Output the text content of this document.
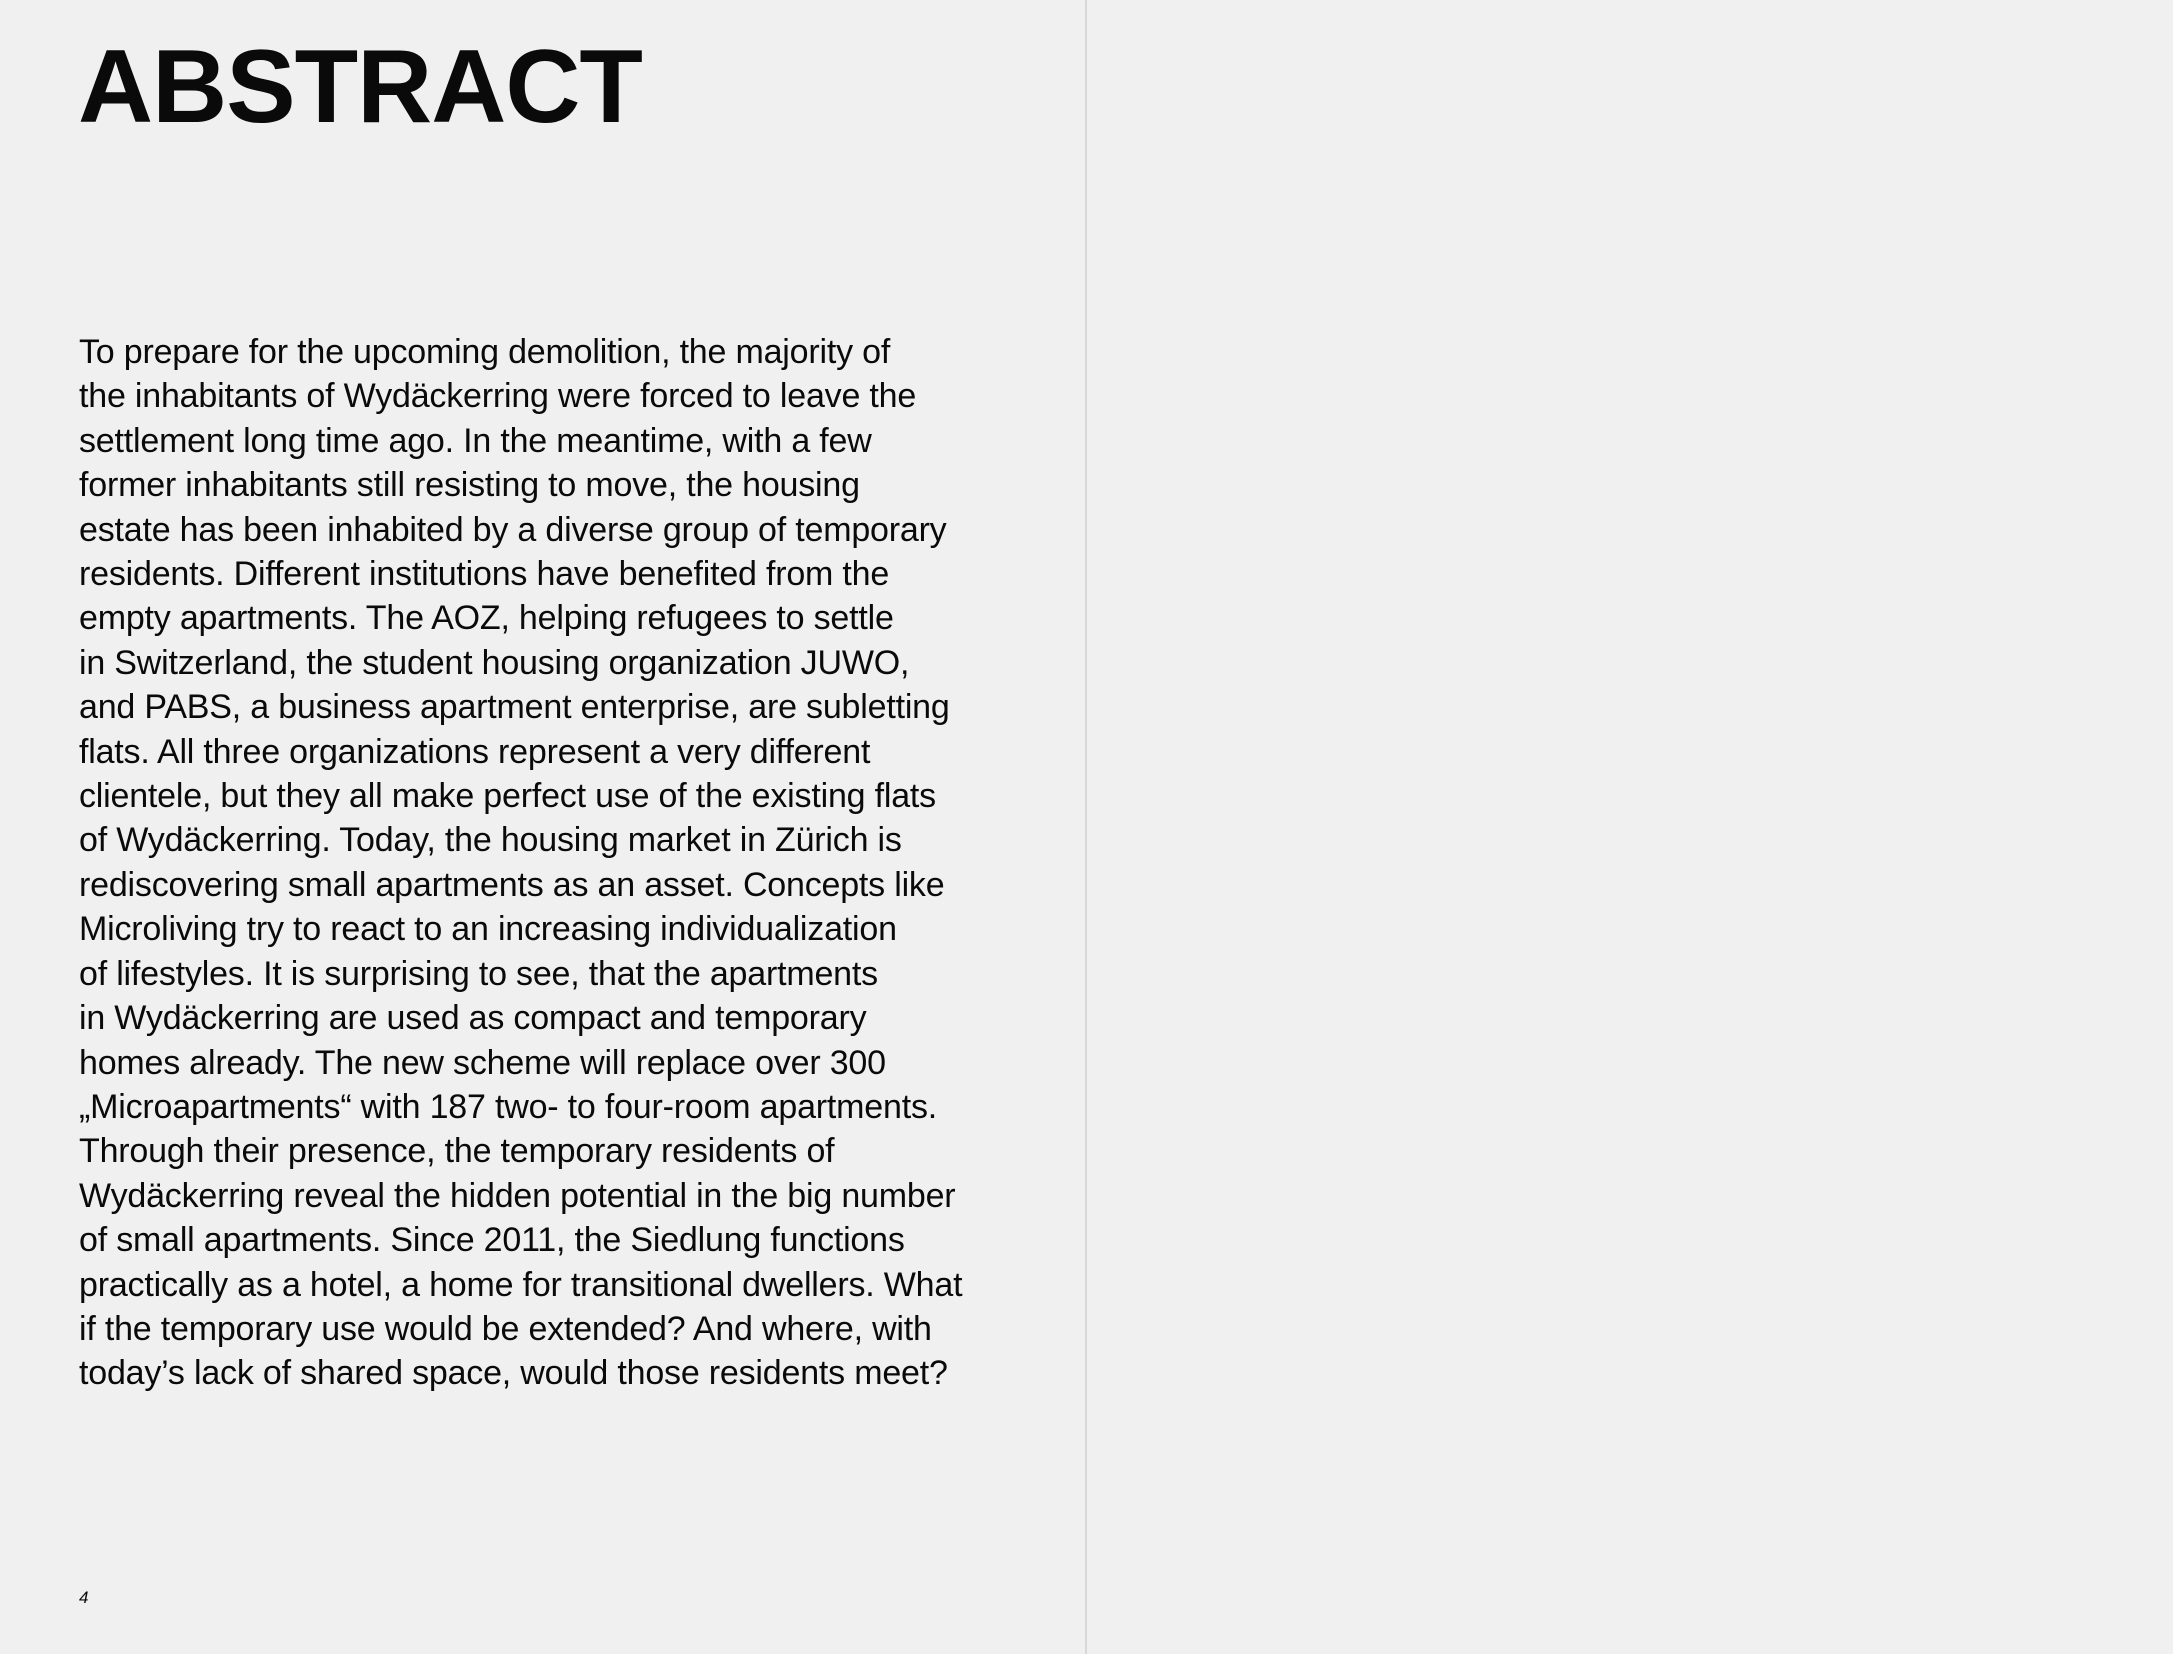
ABSTRACT
To prepare for the upcoming demolition, the majority of
the inhabitants of Wydäckerring were forced to leave the
settlement long time ago. In the meantime, with a few
former inhabitants still resisting to move, the housing
estate has been inhabited by a diverse group of temporary
residents. Different institutions have benefited from the
empty apartments. The AOZ, helping refugees to settle
in Switzerland, the student housing organization JUWO,
and PABS, a business apartment enterprise, are subletting
flats. All three organizations represent a very different
clientele, but they all make perfect use of the existing flats
of Wydäckerring. Today, the housing market in Zürich is
rediscovering small apartments as an asset. Concepts like
Microliving try to react to an increasing individualization
of lifestyles. It is surprising to see, that the apartments
in Wydäckerring are used as compact and temporary
homes already. The new scheme will replace over 300
„Microapartments“ with 187 two- to four-room apartments.
Through their presence, the temporary residents of
Wydäckerring reveal the hidden potential in the big number
of small apartments. Since 2011, the Siedlung functions
practically as a hotel, a home for transitional dwellers. What
if the temporary use would be extended? And where, with
today’s lack of shared space, would those residents meet?
4
